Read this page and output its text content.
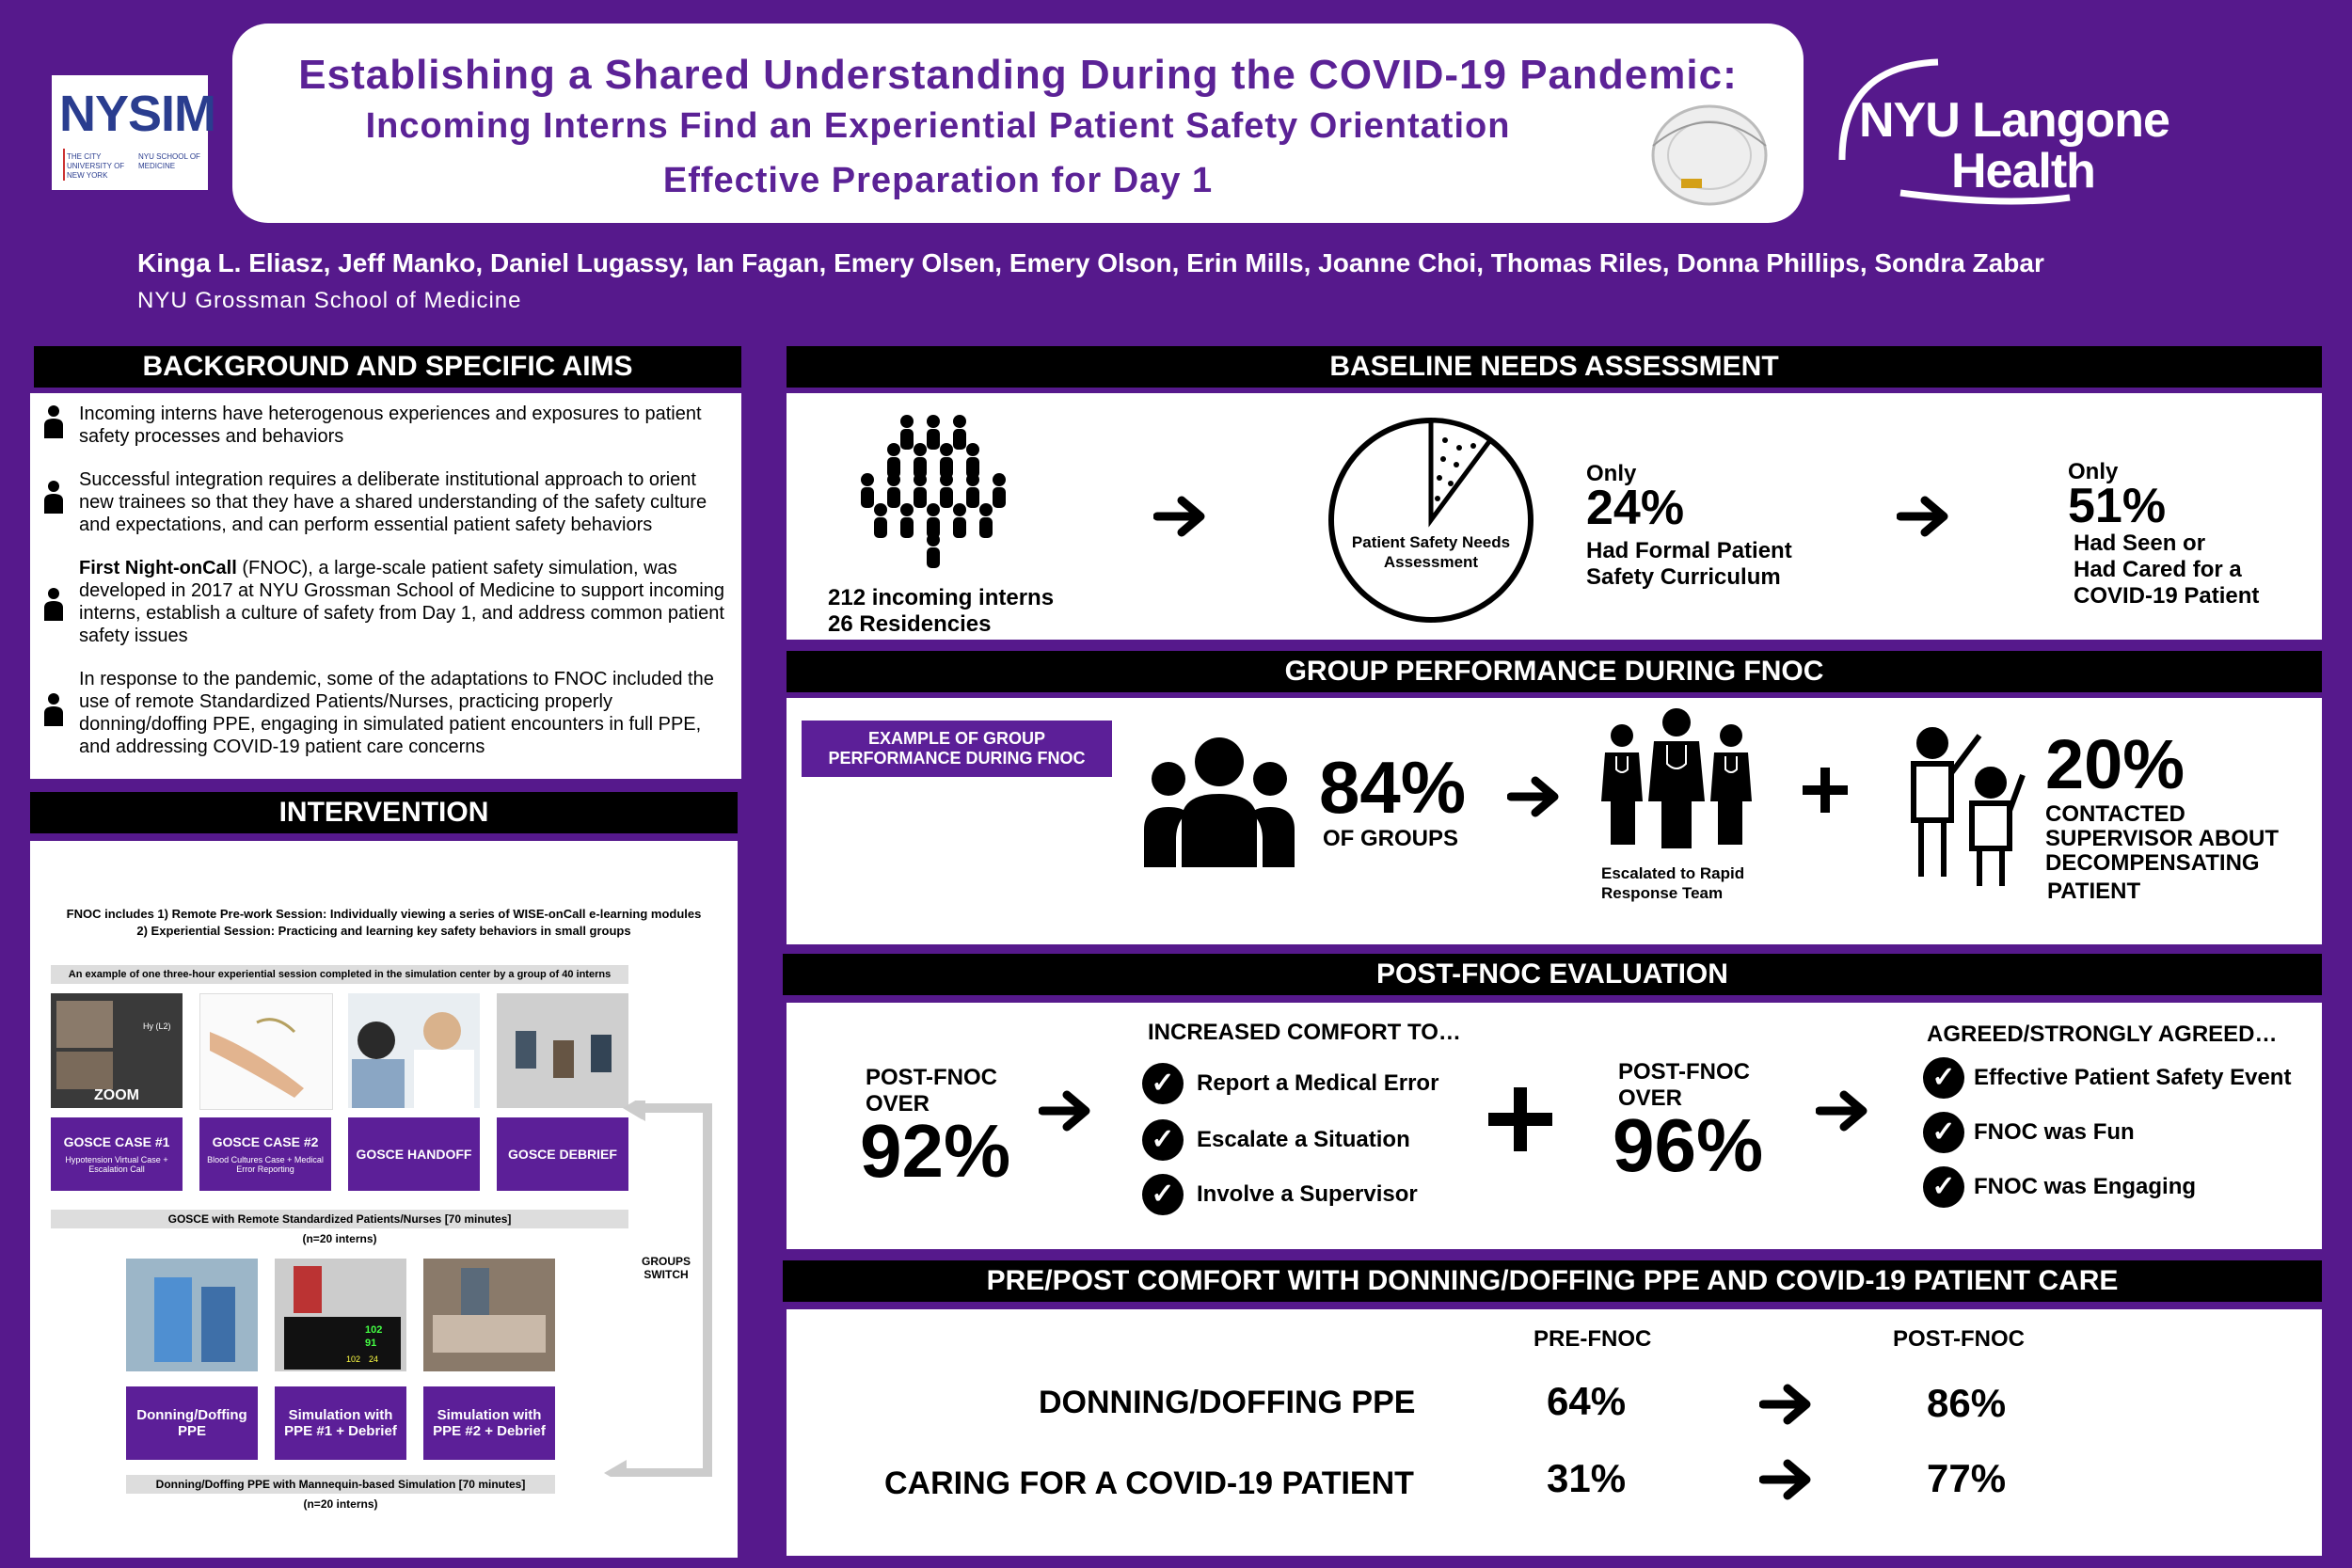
NYSIM
THE CITY UNIVERSITY OF NEW YORK
NYU SCHOOL OF MEDICINE
Establishing a Shared Understanding During the COVID-19 Pandemic:
Incoming Interns Find an Experiential Patient Safety Orientation
Effective Preparation for Day 1
NYU Langone
Health
Kinga L. Eliasz, Jeff Manko, Daniel Lugassy, Ian Fagan, Emery Olsen, Emery Olson, Erin Mills, Joanne Choi, Thomas Riles, Donna Phillips, Sondra Zabar
NYU Grossman School of Medicine
BACKGROUND AND SPECIFIC AIMS
Incoming interns have heterogenous experiences and exposures to patient safety processes and behaviors
Successful integration requires a deliberate institutional approach to orient new trainees so that they have a shared understanding of the safety culture and expectations, and can perform essential patient safety behaviors
First Night-onCall (FNOC), a large-scale patient safety simulation, was developed in 2017 at NYU Grossman School of Medicine to support incoming interns, establish a culture of safety from Day 1, and address common patient safety issues
In response to the pandemic, some of the adaptations to FNOC included the use of remote Standardized Patients/Nurses, practicing properly donning/doffing PPE, engaging in simulated patient encounters in full PPE, and addressing COVID-19 patient care concerns
INTERVENTION
FNOC includes 1) Remote Pre-work Session: Individually viewing a series of WISE-onCall e-learning modules
2) Experiential Session: Practicing and learning key safety behaviors in small groups
An example of one three-hour experiential session completed in the simulation center by a group of 40 interns
Hy (L2)
ZOOM
GOSCE CASE #1
Hypotension Virtual Case + Escalation Call
GOSCE CASE #2
Blood Cultures Case + Medical Error Reporting
GOSCE HANDOFF	GOSCE DEBRIEF
GOSCE with Remote Standardized Patients/Nurses [70 minutes]
(n=20 interns)
GROUPS SWITCH
102
91
102 24
Donning/Doffing PPE
Simulation with PPE #1 + Debrief
Simulation with PPE #2 + Debrief
Donning/Doffing PPE with Mannequin-based Simulation [70 minutes]
(n=20 interns)
BASELINE NEEDS ASSESSMENT
212 incoming interns
26 Residencies
Patient Safety Needs Assessment
Only
24%
Had Formal Patient
Safety Curriculum
Only
51%
Had Seen or
Had Cared for a
COVID-19 Patient
GROUP PERFORMANCE DURING FNOC
EXAMPLE OF GROUP PERFORMANCE DURING FNOC	84%
OF GROUPS
Escalated to Rapid Response Team
20%
CONTACTED
SUPERVISOR ABOUT
DECOMPENSATING
PATIENT
POST-FNOC EVALUATION
POST-FNOC
OVER
92%
INCREASED COMFORT TO…
✓ Report a Medical Error
✓ Escalate a Situation
✓ Involve a Supervisor
POST-FNOC
OVER
96%
AGREED/STRONGLY AGREED…
✓ Effective Patient Safety Event
✓ FNOC was Fun
✓ FNOC was Engaging
PRE/POST COMFORT WITH DONNING/DOFFING PPE AND COVID-19 PATIENT CARE
PRE-FNOC	POST-FNOC
DONNING/DOFFING PPE	64%	86%
CARING FOR A COVID-19 PATIENT	31%	77%
